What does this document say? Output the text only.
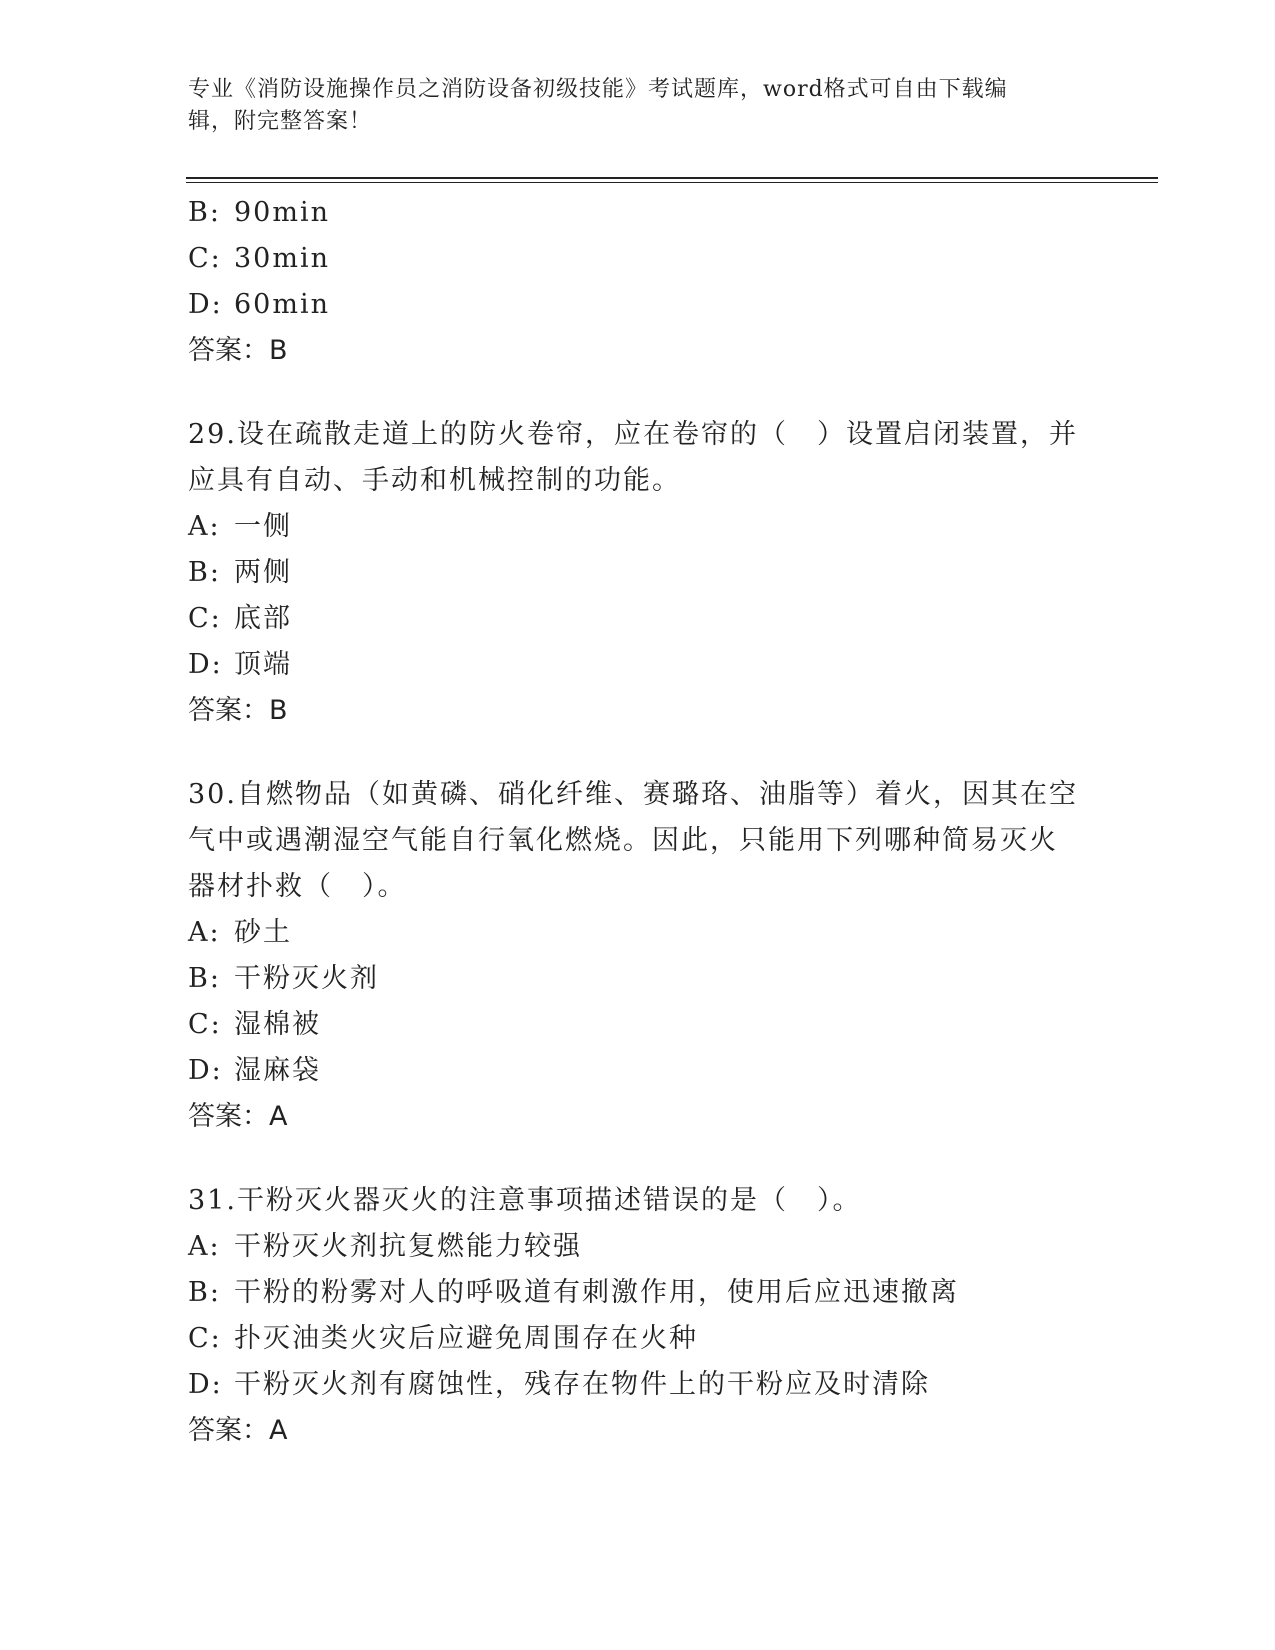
专业《消防设施操作员之消防设备初级技能》考试题库，word格式可自由下载编
辑，附完整答案！
B: 90min
C: 30min
D: 60min
答案：B
29.设在疏散走道上的防火卷帘，应在卷帘的（　）设置启闭装置，并
应具有自动、手动和机械控制的功能。
A: 一侧
B: 两侧
C: 底部
D: 顶端
答案：B
30.自燃物品（如黄磷、硝化纤维、赛璐珞、油脂等）着火，因其在空
气中或遇潮湿空气能自行氧化燃烧。因此，只能用下列哪种简易灭火
器材扑救（　）。
A: 砂土
B: 干粉灭火剂
C: 湿棉被
D: 湿麻袋
答案：A
31.干粉灭火器灭火的注意事项描述错误的是（　）。
A: 干粉灭火剂抗复燃能力较强
B: 干粉的粉雾对人的呼吸道有刺激作用，使用后应迅速撤离
C: 扑灭油类火灾后应避免周围存在火种
D: 干粉灭火剂有腐蚀性，残存在物件上的干粉应及时清除
答案：A
